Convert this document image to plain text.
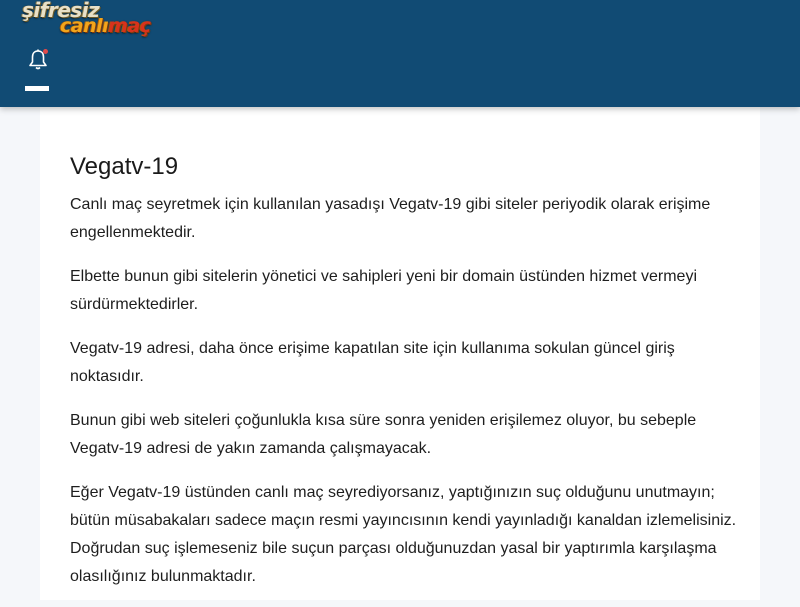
şifresiz
canlımaç
Vegatv-19

Canlı maç seyretmek için kullanılan yasadışı Vegatv-19 gibi siteler periyodik olarak erişime engellenmektedir.

Elbette bunun gibi sitelerin yönetici ve sahipleri yeni bir domain üstünden hizmet vermeyi sürdürmektedirler.

Vegatv-19 adresi, daha önce erişime kapatılan site için kullanıma sokulan güncel giriş noktasıdır.

Bunun gibi web siteleri çoğunlukla kısa süre sonra yeniden erişilemez oluyor, bu sebeple Vegatv-19 adresi de yakın zamanda çalışmayacak.

Eğer Vegatv-19 üstünden canlı maç seyrediyorsanız, yaptığınızın suç olduğunu unutmayın; bütün müsabakaları sadece maçın resmi yayıncısının kendi yayınladığı kanaldan izlemelisiniz. Doğrudan suç işlemeseniz bile suçun parçası olduğunuzdan yasal bir yaptırımla karşılaşma olasılığınız bulunmaktadır.
